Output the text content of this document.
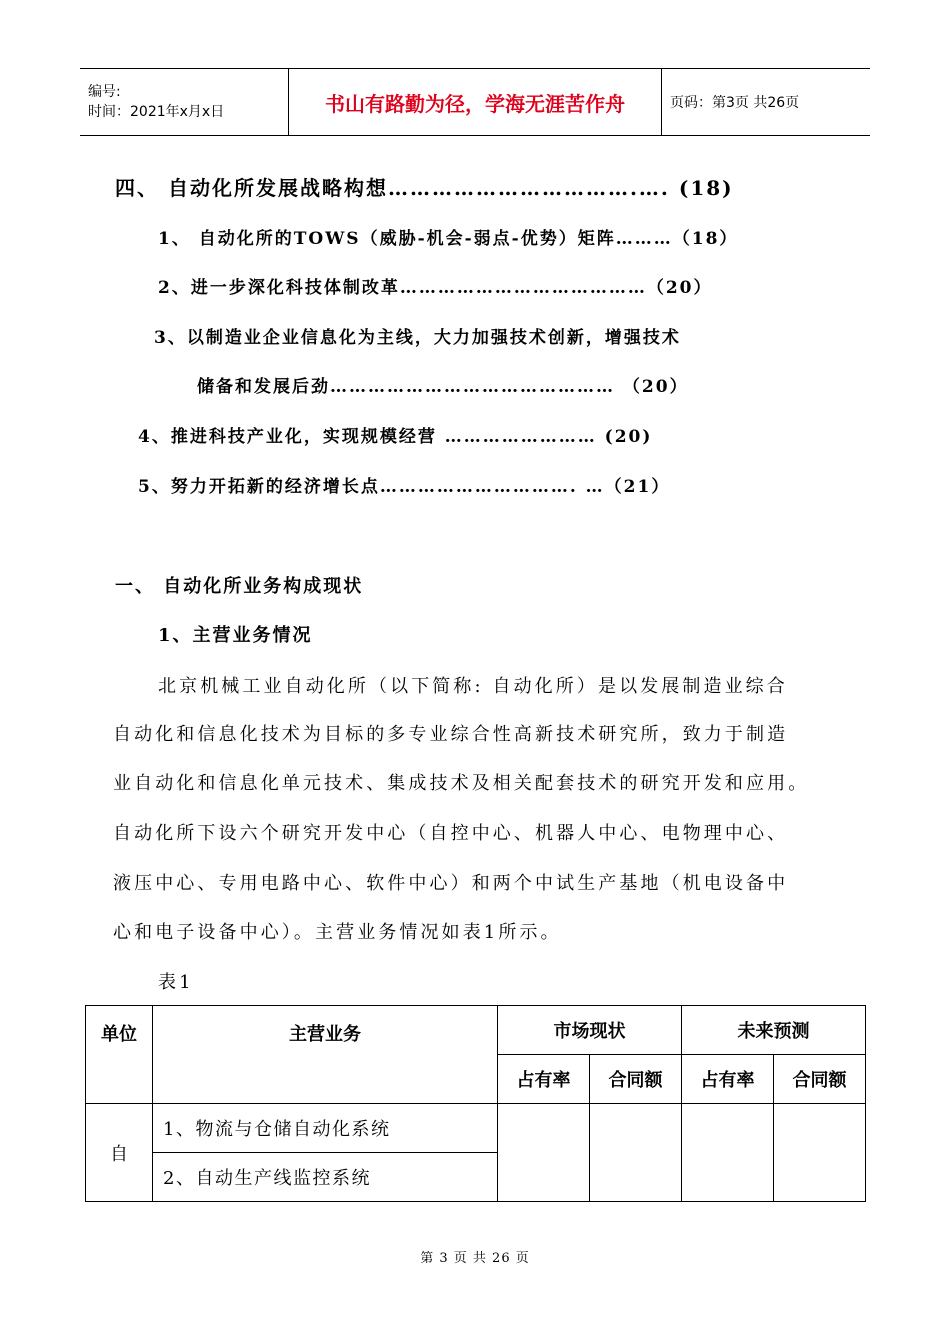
编号:
时间：2021年x月x日	书山有路勤为径，学海无涯苦作舟	页码：第3页 共26页
四、 自动化所发展战略构想…………………………….…. (18)
1、 自动化所的TOWS（威胁-机会-弱点-优势）矩阵………（18）
2、进一步深化科技体制改革…………………………………（20）
3、以制造业企业信息化为主线，大力加强技术创新，增强技术
储备和发展后劲……………………………………… （20）
4、推进科技产业化，实现规模经营 …………………… (20)
5、努力开拓新的经济增长点…………………………. …（21）
一、 自动化所业务构成现状
1、主营业务情况
北京机械工业自动化所（以下简称: 自动化所）是以发展制造业综合
自动化和信息化技术为目标的多专业综合性高新技术研究所，致力于制造
业自动化和信息化单元技术、集成技术及相关配套技术的研究开发和应用。
自动化所下设六个研究开发中心（自控中心、机器人中心、电物理中心、
液压中心、专用电路中心、软件中心）和两个中试生产基地（机电设备中
心和电子设备中心）。主营业务情况如表1所示。
表1
单位	主营业务	市场现状		未来预测	
		占有率	合同额	占有率	合同额
自	1、物流与仓储自动化系统				
	2、自动生产线监控系统				
第 3 页 共 26 页
